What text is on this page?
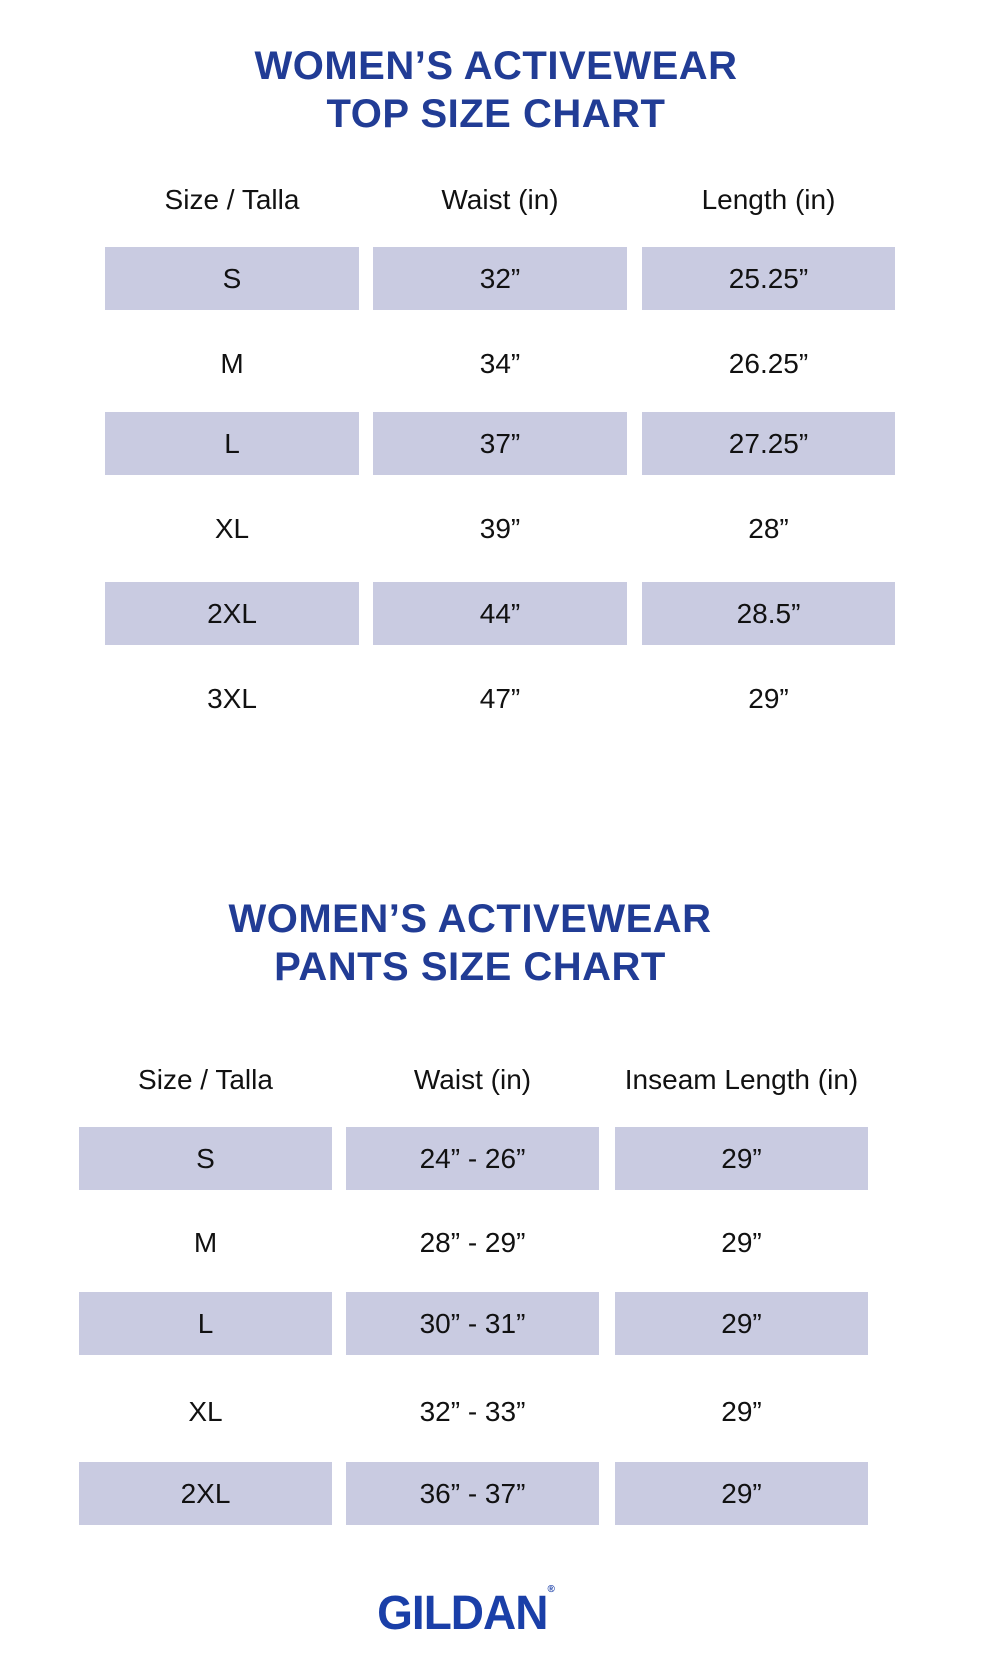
WOMEN’S ACTIVEWEAR
TOP SIZE CHART
Size / Talla	Waist (in)	Length (in)
S	32”	25.25”
M	34”	26.25”
L	37”	27.25”
XL	39”	28”
2XL	44”	28.5”
3XL	47”	29”
WOMEN’S ACTIVEWEAR
PANTS SIZE CHART
Size / Talla	Waist (in)	Inseam Length (in)
S	24” - 26”	29”
M	28” - 29”	29”
L	30” - 31”	29”
XL	32” - 33”	29”
2XL	36” - 37”	29”
GILDAN®
